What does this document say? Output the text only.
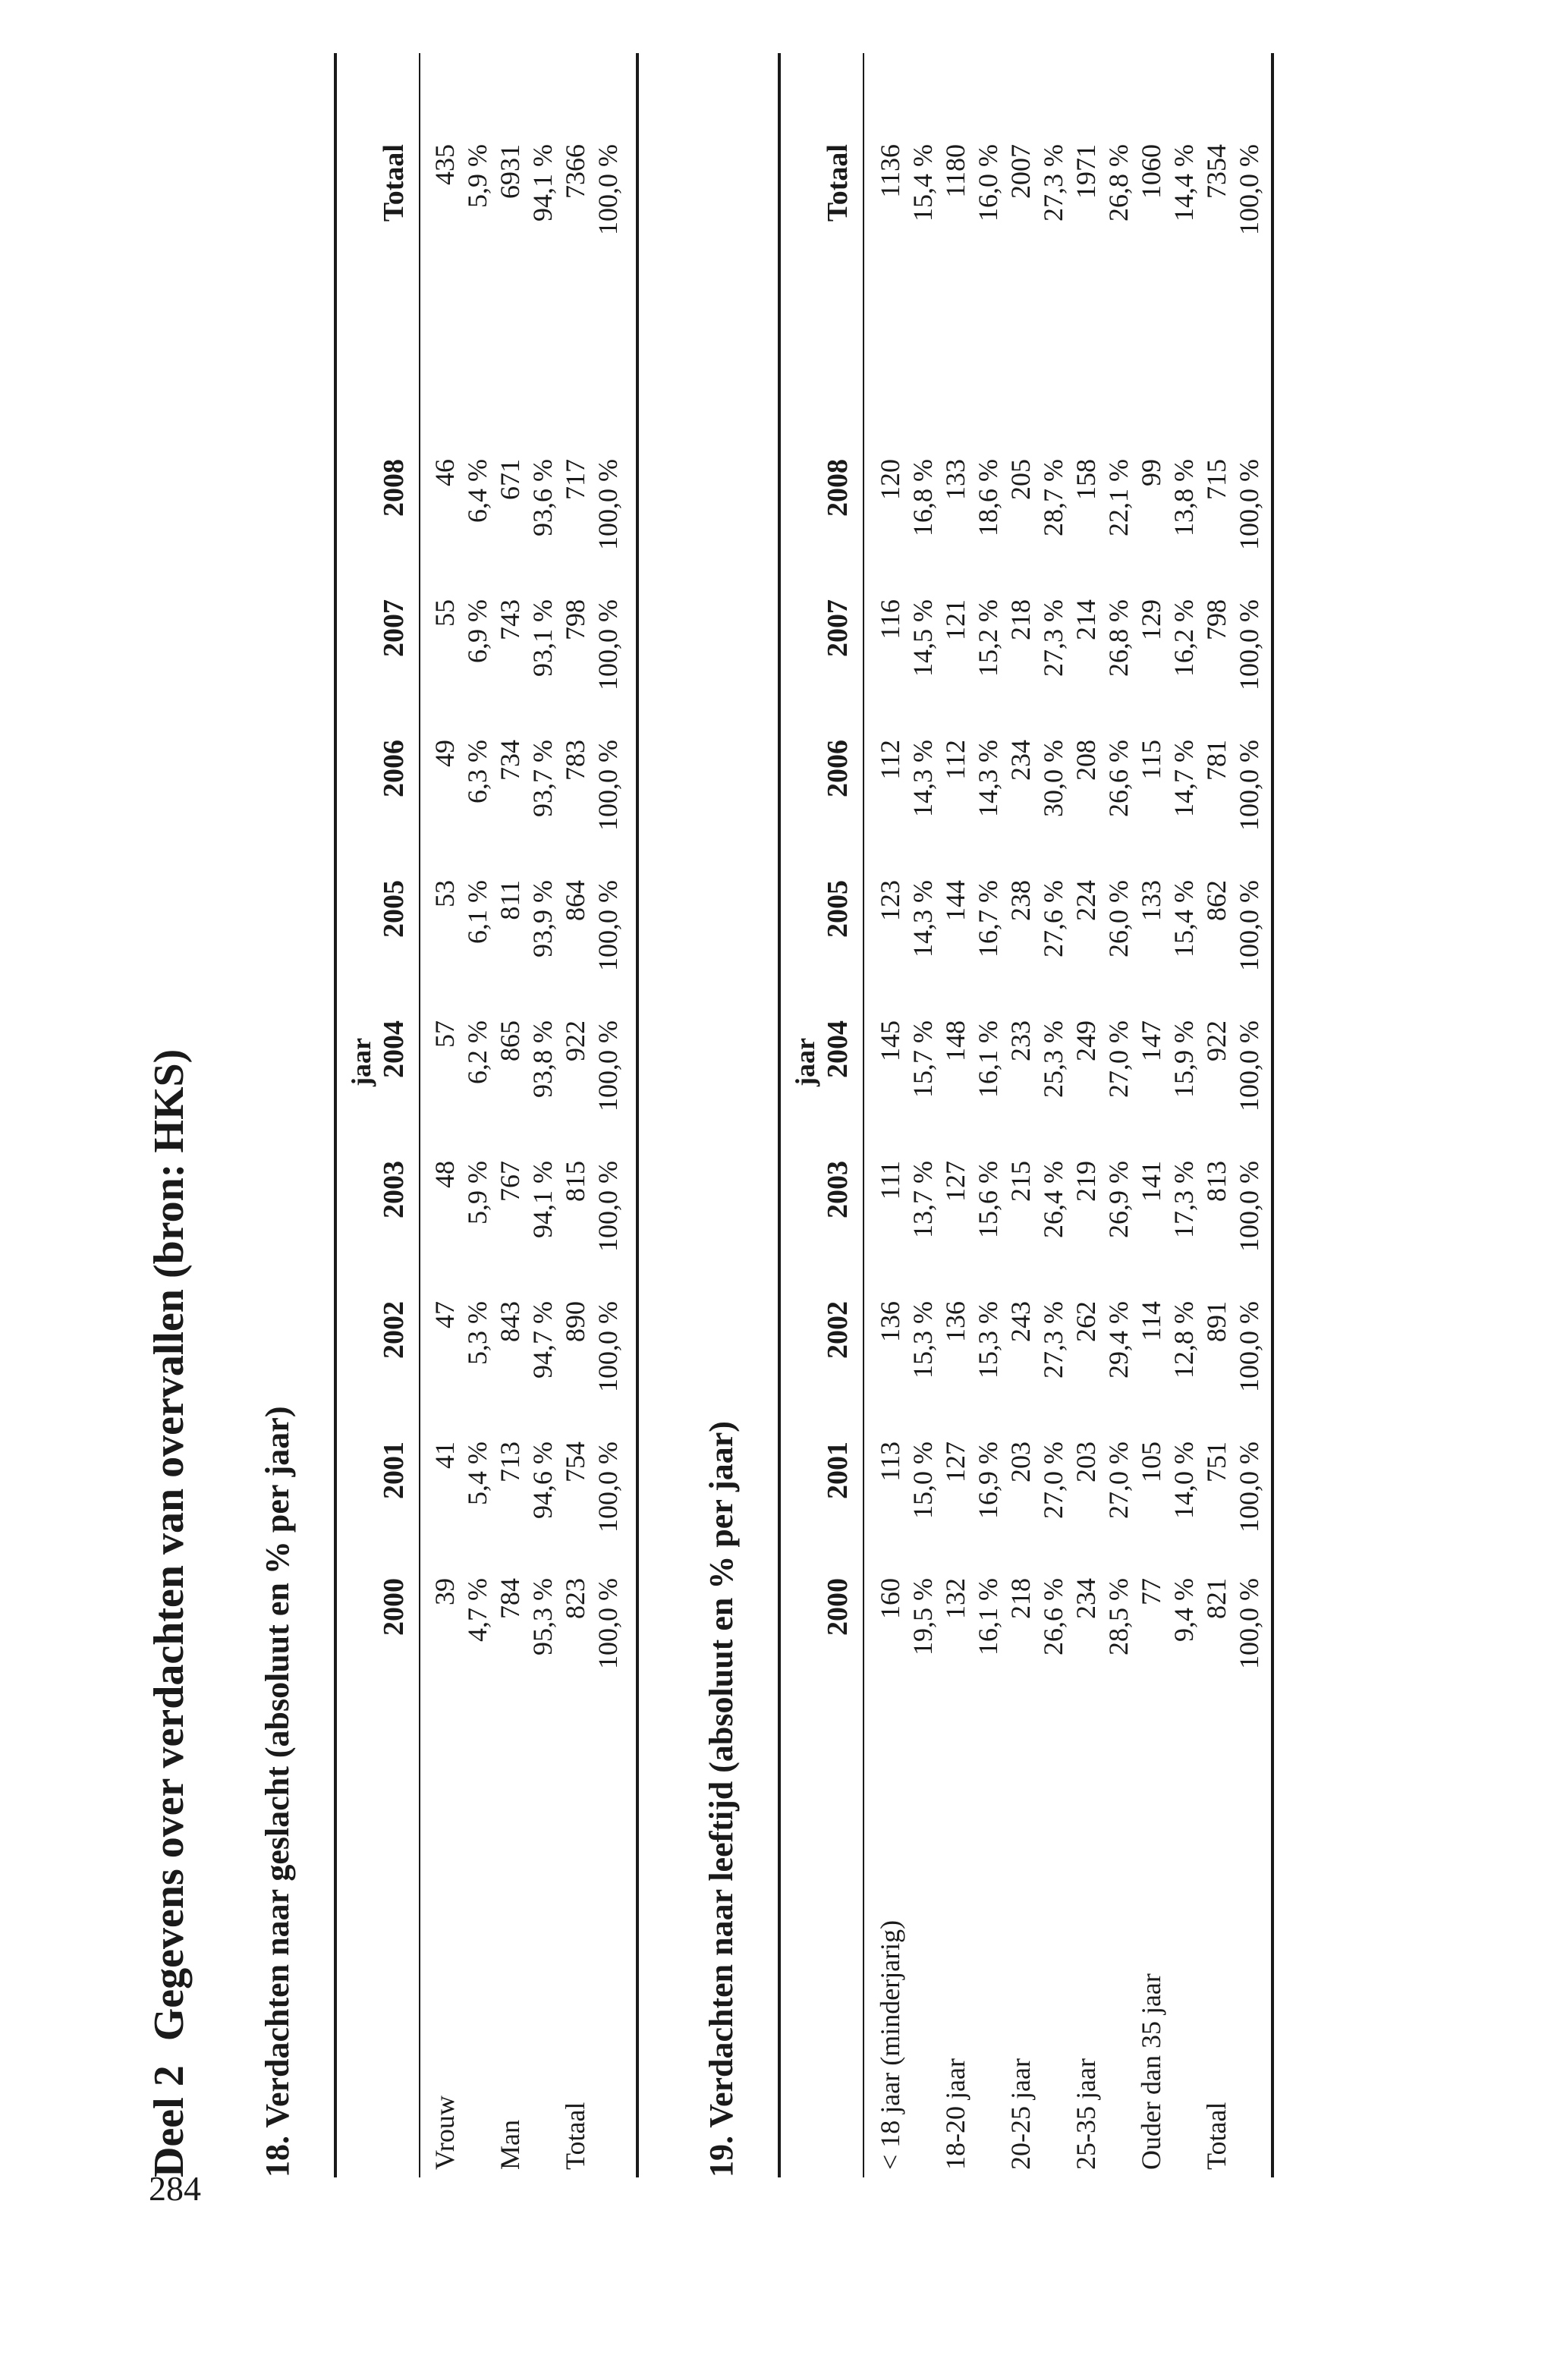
284
Deel 2Gegevens over verdachten van overvallen (bron: HKS) 18. Verdachten naar geslacht (absoluut en % per jaar)
jaar
2000
2001
2002
2003
2004
2005
2006
2007
2008
Totaal
Vrouw
39
41
47
48
57
53
49
55
46
435
4,7 %
5,4 %
5,3 %
5,9 %
6,2 %
6,1 %
6,3 %
6,9 %
6,4 %
5,9 %
Man
784
713
843
767
865
811
734
743
671
6931
95,3 %
94,6 %
94,7 %
94,1 %
93,8 %
93,9 %
93,7 %
93,1 %
93,6 %
94,1 %
Totaal
823
754
890
815
922
864
783
798
717
7366
100,0 %
100,0 %
100,0 %
100,0 %
100,0 %
100,0 %
100,0 %
100,0 %
100,0 %
100,0 %
19. Verdachten naar leeftijd (absoluut en % per jaar)
jaar
2000
2001
2002
2003
2004
2005
2006
2007
2008
Totaal
< 18 jaar (minderjarig)
160
113
136
111
145
123
112
116
120
1136
19,5 %
15,0 %
15,3 %
13,7 %
15,7 %
14,3 %
14,3 %
14,5 %
16,8 %
15,4 %
18-20 jaar
132
127
136
127
148
144
112
121
133
1180
16,1 %
16,9 %
15,3 %
15,6 %
16,1 %
16,7 %
14,3 %
15,2 %
18,6 %
16,0 %
20-25 jaar
218
203
243
215
233
238
234
218
205
2007
26,6 %
27,0 %
27,3 %
26,4 %
25,3 %
27,6 %
30,0 %
27,3 %
28,7 %
27,3 %
25-35 jaar
234
203
262
219
249
224
208
214
158
1971
28,5 %
27,0 %
29,4 %
26,9 %
27,0 %
26,0 %
26,6 %
26,8 %
22,1 %
26,8 %
Ouder dan 35 jaar
77
105
114
141
147
133
115
129
99
1060
9,4 %
14,0 %
12,8 %
17,3 %
15,9 %
15,4 %
14,7 %
16,2 %
13,8 %
14,4 %
Totaal
821
751
891
813
922
862
781
798
715
7354
100,0 %
100,0 %
100,0 %
100,0 %
100,0 %
100,0 %
100,0 %
100,0 %
100,0 %
100,0 %
